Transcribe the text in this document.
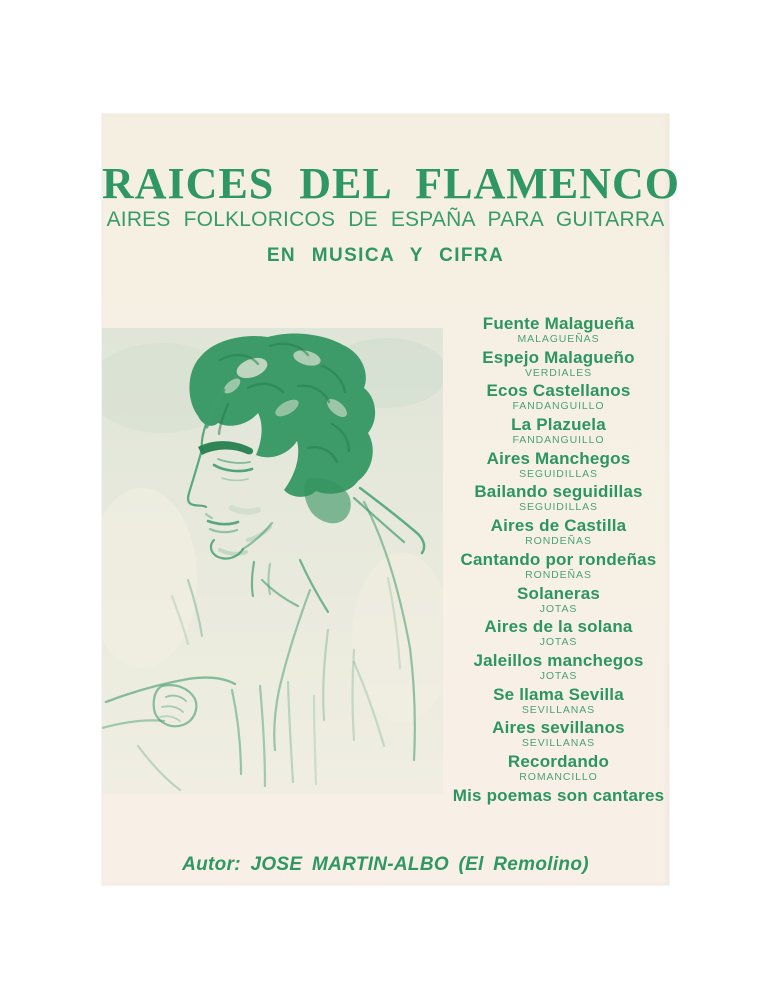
RAICES DEL FLAMENCO
AIRES FOLKLORICOS DE ESPAÑA PARA GUITARRA
EN MUSICA Y CIFRA
Fuente Malagueña
MALAGUEÑAS
Espejo Malagueño
VERDIALES
Ecos Castellanos
FANDANGUILLO
La Plazuela
FANDANGUILLO
Aires Manchegos
SEGUIDILLAS
Bailando seguidillas
SEGUIDILLAS
Aires de Castilla
RONDEÑAS
Cantando por rondeñas
RONDEÑAS
Solaneras
JOTAS
Aires de la solana
JOTAS
Jaleillos manchegos
JOTAS
Se llama Sevilla
SEVILLANAS
Aires sevillanos
SEVILLANAS
Recordando
ROMANCILLO
Mis poemas son cantares
Autor: JOSE MARTIN-ALBO (El Remolino)
